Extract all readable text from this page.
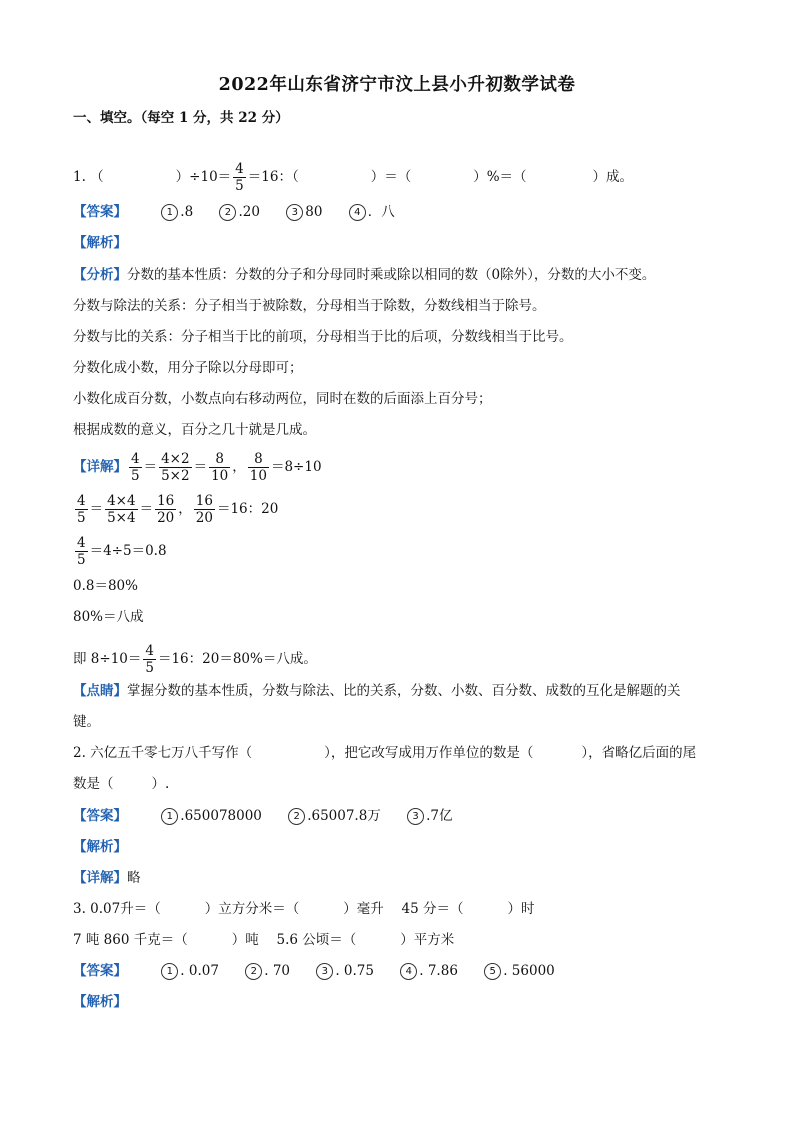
2022年山东省济宁市汶上县小升初数学试卷
一、填空。（每空 1 分，共 22 分）
1. （	）$\div 10= \frac{4}{5} =16$：（	）＝（	）%＝（	）成。
【答案】	1 .8	2 .20	3 80	4 ．八
【解析】
【分析】分数的基本性质：分数的分子和分母同时乘或除以相同的数（0除外），分数的大小不变。
分数与除法的关系：分子相当于被除数，分母相当于除数，分数线相当于除号。
分数与比的关系：分子相当于比的前项，分母相当于比的后项，分数线相当于比号。
分数化成小数，用分子除以分母即可；
小数化成百分数，小数点向右移动两位，同时在数的后面添上百分号；
根据成数的意义，百分之几十就是几成。
【详解】 $\frac{4}{5} = \frac{4\times 2}{5\times 2} = \frac{8}{10}$ ， $\frac{8}{10} =8\div 10$
$\frac{4}{5} = \frac{4\times 4}{5\times 4} = \frac{16}{20}$ ， $\frac{16}{20} =16$：20
$\frac{4}{5} =4\div 5=0.8$
0.8＝80%
80%＝八成
即 $8\div 10= \frac{4}{5} =16$：20＝80%＝八成。
【点睛】掌握分数的基本性质，分数与除法、比的关系，分数、小数、百分数、成数的互化是解题的关
键。
2. 六亿五千零七万八千写作（	），把它改写成用万作单位的数是（	），省略亿后面的尾
数是（	）.
【答案】	1 .650078000	2 .65007.8万	3 .7亿
【解析】
【详解】略
3. 0.07升＝（	）立方分米＝（	）毫升　 45 分＝（	）时
7 吨 860 千克＝（	）吨　 5.6 公顷＝（	）平方米
【答案】	1 . 0.07	2 . 70	3 . 0.75	4 . 7.86	5 . 56000
【解析】
